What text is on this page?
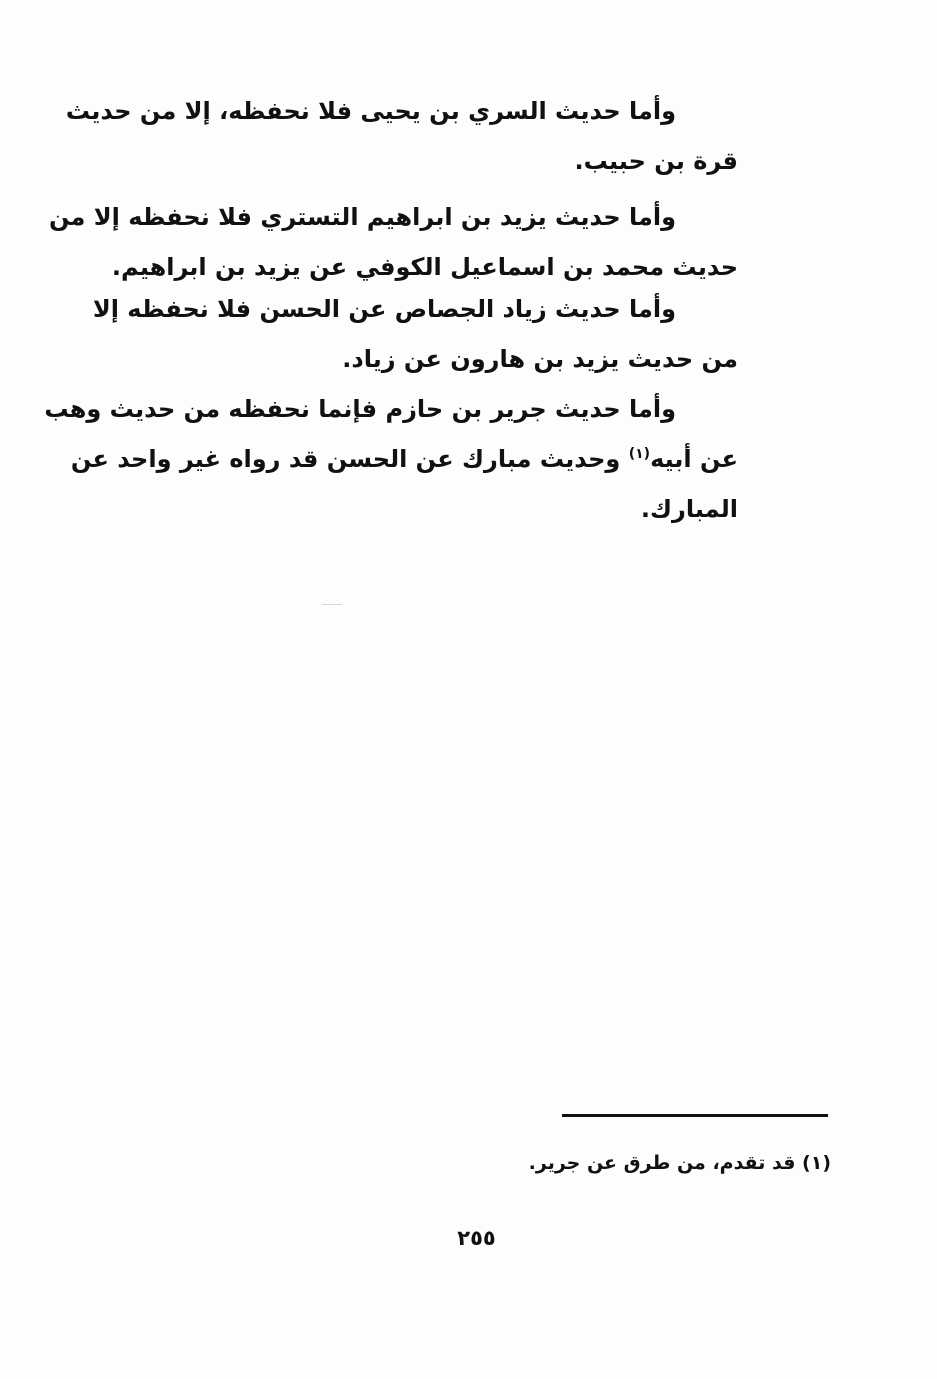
وأما حديث السري بن يحيى فلا نحفظه، إلا من حديث
قرة بن حبيب.
وأما حديث يزيد بن ابراهيم التستري فلا نحفظه إلا من
حديث محمد بن اسماعيل الكوفي عن يزيد بن ابراهيم.
وأما حديث زياد الجصاص عن الحسن فلا نحفظه إلا
من حديث يزيد بن هارون عن زياد.
وأما حديث جرير بن حازم فإنما نحفظه من حديث وهب
عن أبيه$^{(١)}$ وحديث مبارك عن الحسن قد رواه غير واحد عن
المبارك.
(١) قد تقدم، من طرق عن جرير.
٢٥٥
